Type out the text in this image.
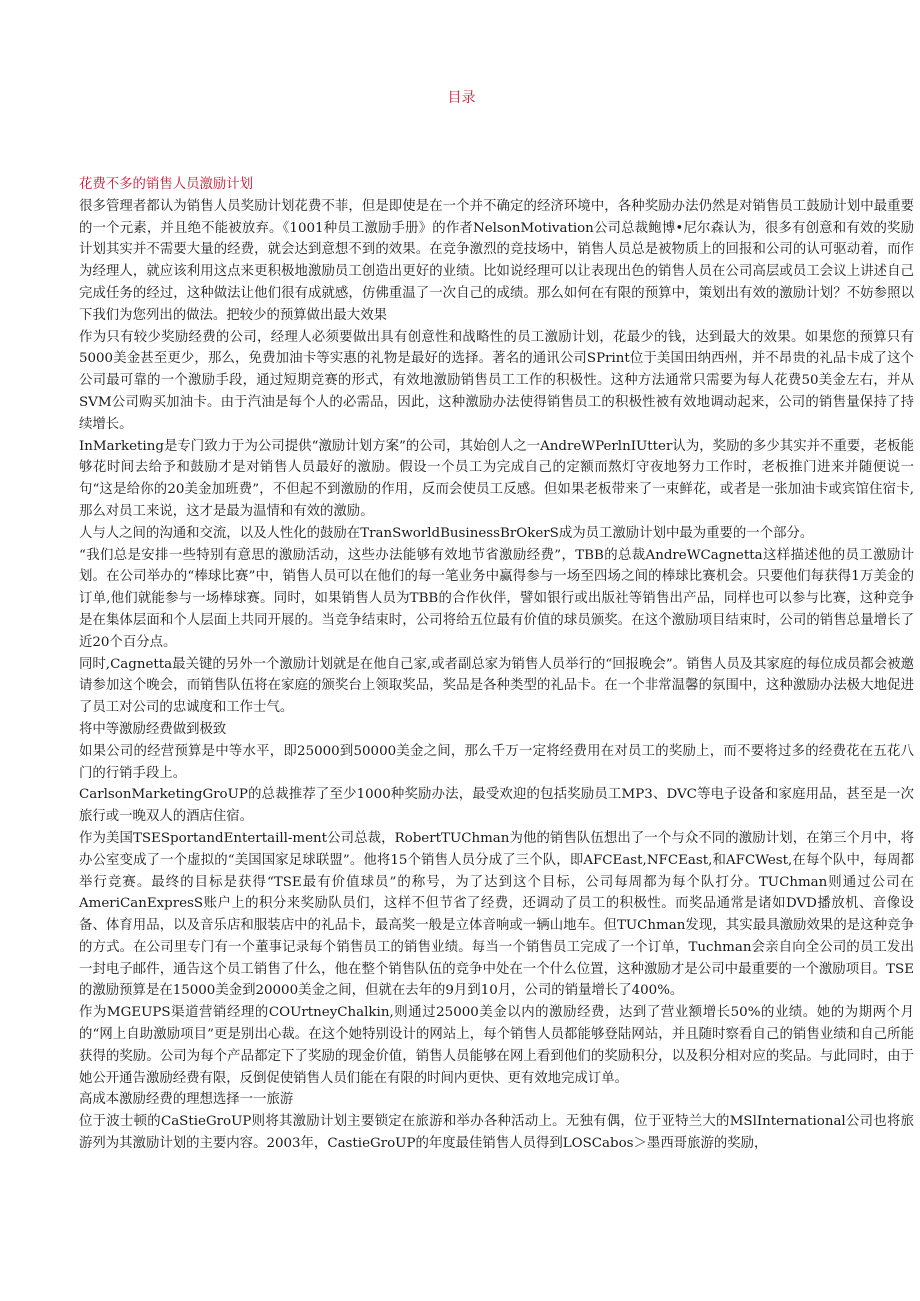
目录

花费不多的销售人员激励计划

很多管理者都认为销售人员奖励计划花费不菲，但是即使是在一个并不确定的经济环境中，各种奖励办法仍然是对销售员工鼓励计划中最重要的一个元素，并且绝不能被放弃。《1001种员工激励手册》的作者NelsonMotivation公司总裁鲍博•尼尔森认为，很多有创意和有效的奖励计划其实并不需要大量的经费，就会达到意想不到的效果。在竞争激烈的竞技场中，销售人员总是被物质上的回报和公司的认可驱动着，而作为经理人，就应该利用这点来更积极地激励员工创造出更好的业绩。比如说经理可以让表现出色的销售人员在公司高层或员工会议上讲述自己完成任务的经过，这种做法让他们很有成就感，仿佛重温了一次自己的成绩。那么如何在有限的预算中，策划出有效的激励计划？不妨参照以下我们为您列出的做法。把较少的预算做出最大效果

作为只有较少奖励经费的公司，经理人必须要做出具有创意性和战略性的员工激励计划，花最少的钱，达到最大的效果。如果您的预算只有5000美金甚至更少，那么，免费加油卡等实惠的礼物是最好的选择。著名的通讯公司SPrint位于美国田纳西州，并不昂贵的礼品卡成了这个公司最可靠的一个激励手段，通过短期竞赛的形式，有效地激励销售员工工作的积极性。这种方法通常只需要为每人花费50美金左右，并从SVM公司购买加油卡。由于汽油是每个人的必需品，因此，这种激励办法使得销售员工的积极性被有效地调动起来，公司的销售量保持了持续增长。

InMarketing是专门致力于为公司提供“激励计划方案”的公司，其始创人之一AndreWPerlnIUtter认为，奖励的多少其实并不重要，老板能够花时间去给予和鼓励才是对销售人员最好的激励。假设一个员工为完成自己的定额而熬灯守夜地努力工作时，老板推门进来并随便说一句“这是给你的20美金加班费”，不但起不到激励的作用，反而会使员工反感。但如果老板带来了一束鲜花，或者是一张加油卡或宾馆住宿卡,那么对员工来说，这才是最为温情和有效的激励。

人与人之间的沟通和交流，以及人性化的鼓励在TranSworldBusinessBrOkerS成为员工激励计划中最为重要的一个部分。

“我们总是安排一些特别有意思的激励活动，这些办法能够有效地节省激励经费”，TBB的总裁AndreWCagnetta这样描述他的员工激励计划。在公司举办的“棒球比赛”中，销售人员可以在他们的每一笔业务中赢得参与一场至四场之间的棒球比赛机会。只要他们每获得1万美金的订单,他们就能参与一场棒球赛。同时，如果销售人员为TBB的合作伙伴，譬如银行或出版社等销售出产品，同样也可以参与比赛，这种竞争是在集体层面和个人层面上共同开展的。当竞争结束时，公司将给五位最有价值的球员颁奖。在这个激励项目结束时，公司的销售总量增长了近20个百分点。

同时,Cagnetta最关键的另外一个激励计划就是在他自己家,或者副总家为销售人员举行的“回报晚会”。销售人员及其家庭的每位成员都会被邀请参加这个晚会，而销售队伍将在家庭的颁奖台上领取奖品，奖品是各种类型的礼品卡。在一个非常温馨的氛围中，这种激励办法极大地促进了员工对公司的忠诚度和工作士气。

将中等激励经费做到极致

如果公司的经营预算是中等水平，即25000到50000美金之间，那么千万一定将经费用在对员工的奖励上，而不要将过多的经费花在五花八门的行销手段上。

CarlsonMarketingGroUP的总裁推荐了至少1000种奖励办法，最受欢迎的包括奖励员工MP3、DVC等电子设备和家庭用品，甚至是一次旅行或一晚双人的酒店住宿。

作为美国TSESportandEntertaill-ment公司总裁，RobertTUChman为他的销售队伍想出了一个与众不同的激励计划，在第三个月中，将办公室变成了一个虚拟的“美国国家足球联盟”。他将15个销售人员分成了三个队，即AFCEast,NFCEast,和AFCWest,在每个队中，每周都举行竞赛。最终的目标是获得“TSE最有价值球员”的称号，为了达到这个目标，公司每周都为每个队打分。TUChman则通过公司在AmeriCanExpresS账户上的积分来奖励队员们，这样不但节省了经费，还调动了员工的积极性。而奖品通常是诸如DVD播放机、音像设备、体育用品，以及音乐店和服装店中的礼品卡，最高奖一般是立体音响或一辆山地车。但TUChman发现，其实最具激励效果的是这种竞争的方式。在公司里专门有一个董事记录每个销售员工的销售业绩。每当一个销售员工完成了一个订单，Tuchman会亲自向全公司的员工发出一封电子邮件，通告这个员工销售了什么，他在整个销售队伍的竞争中处在一个什么位置，这种激励才是公司中最重要的一个激励项目。TSE的激励预算是在15000美金到20000美金之间，但就在去年的9月到10月，公司的销量增长了400%。

作为MGEUPS渠道营销经理的COUrtneyChalkin,则通过25000美金以内的激励经费，达到了营业额增长50%的业绩。她的为期两个月的“网上自助激励项目”更是别出心裁。在这个她特别设计的网站上，每个销售人员都能够登陆网站，并且随时察看自己的销售业绩和自己所能获得的奖励。公司为每个产品都定下了奖励的现金价值，销售人员能够在网上看到他们的奖励积分，以及积分相对应的奖品。与此同时，由于她公开通告激励经费有限，反倒促使销售人员们能在有限的时间内更快、更有效地完成订单。

高成本激励经费的理想选择一一旅游

位于波士顿的CaStieGroUP则将其激励计划主要锁定在旅游和举办各种活动上。无独有偶，位于亚特兰大的MSlInternational公司也将旅游列为其激励计划的主要内容。2003年，CastieGroUP的年度最佳销售人员得到LOSCabos＞墨西哥旅游的奖励，
